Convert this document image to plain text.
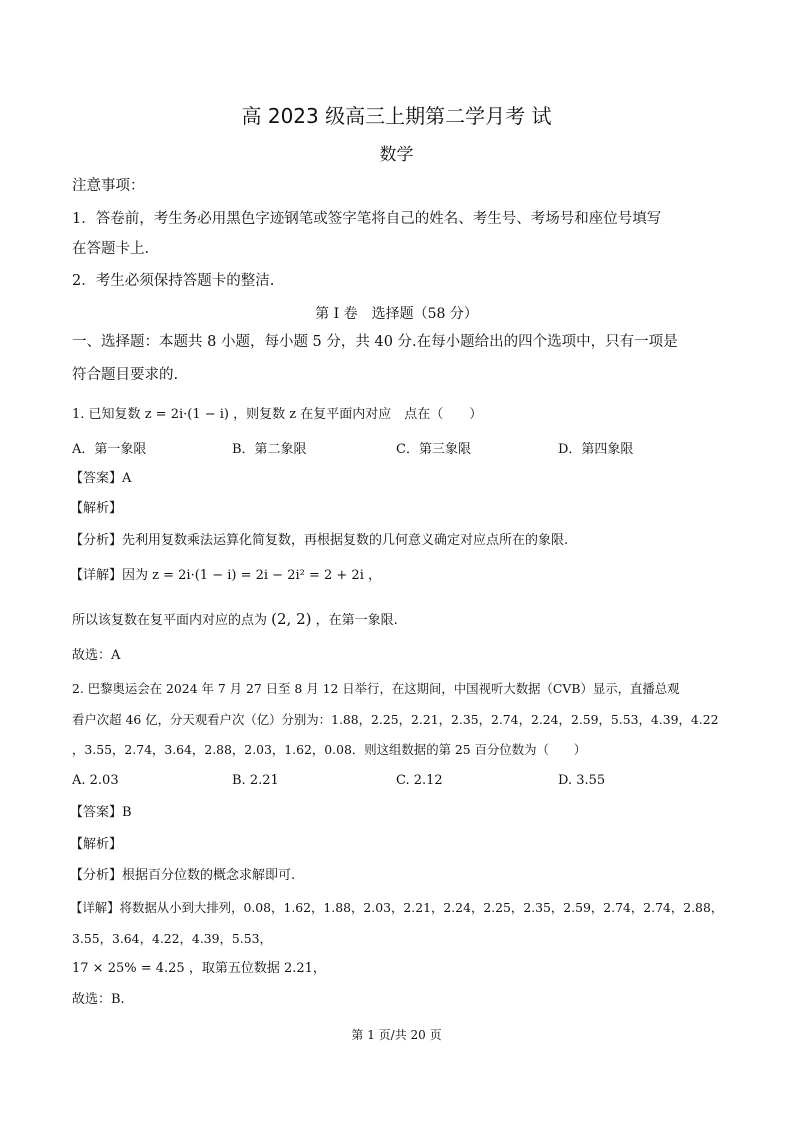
高 2023 级高三上期第二学月考 试
数学
注意事项：
1．答卷前，考生务必用黑色字迹钢笔或签字笔将自己的姓名、考生号、考场号和座位号填写
在答题卡上.
2．考生必须保持答题卡的整洁.
第 I 卷　选择题（58 分）
一、选择题：本题共 8 小题，每小题 5 分，共 40 分.在每小题给出的四个选项中，只有一项是
符合题目要求的.
1. 已知复数 z = 2i·(1 − i) ，则复数 z 在复平面内对应　点在（　　）
A．第一象限	B．第二象限	C．第三象限	D．第四象限
【答案】A
【解析】
【分析】先利用复数乘法运算化简复数，再根据复数的几何意义确定对应点所在的象限.
【详解】因为 z = 2i·(1 − i) = 2i − 2i² = 2 + 2i ，
所以该复数在复平面内对应的点为 (2, 2) ，在第一象限.
故选：A
2. 巴黎奥运会在 2024 年 7 月 27 日至 8 月 12 日举行，在这期间，中国视听大数据（CVB）显示，直播总观
看户次超 46 亿，分天观看户次（亿）分别为：1.88，2.25，2.21，2.35，2.74，2.24，2.59，5.53，4.39，4.22
，3.55，2.74，3.64，2.88，2.03，1.62，0.08．则这组数据的第 25 百分位数为（　　）
A. 2.03	B. 2.21	C. 2.12	D. 3.55
【答案】B
【解析】
【分析】根据百分位数的概念求解即可.
【详解】将数据从小到大排列，0.08，1.62，1.88，2.03，2.21，2.24，2.25，2.35，2.59，2.74，2.74，2.88，
3.55，3.64，4.22，4.39，5.53，
17 × 25% = 4.25 ，取第五位数据 2.21，
故选：B.
第 1 页/共 20 页
